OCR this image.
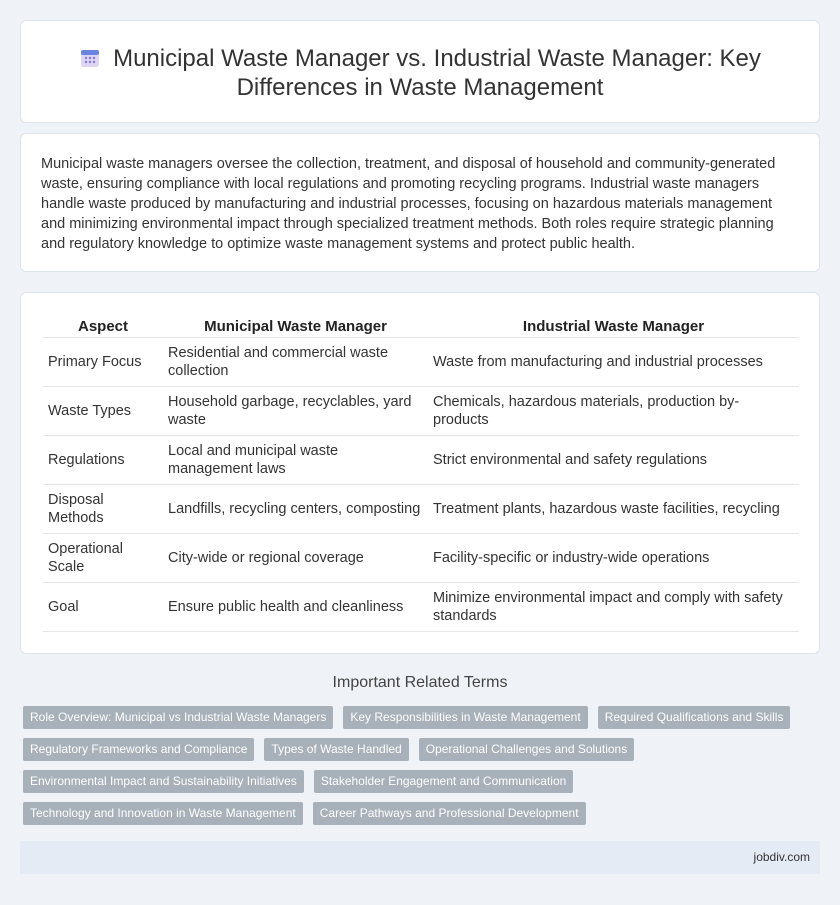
Municipal Waste Manager vs. Industrial Waste Manager: Key Differences in Waste Management

Municipal waste managers oversee the collection, treatment, and disposal of household and community-generated waste, ensuring compliance with local regulations and promoting recycling programs. Industrial waste managers handle waste produced by manufacturing and industrial processes, focusing on hazardous materials management and minimizing environmental impact through specialized treatment methods. Both roles require strategic planning and regulatory knowledge to optimize waste management systems and protect public health.

Aspect	Municipal Waste Manager	Industrial Waste Manager
Primary Focus	Residential and commercial waste collection	Waste from manufacturing and industrial processes
Waste Types	Household garbage, recyclables, yard waste	Chemicals, hazardous materials, production by-products
Regulations	Local and municipal waste management laws	Strict environmental and safety regulations
Disposal Methods	Landfills, recycling centers, composting	Treatment plants, hazardous waste facilities, recycling
Operational Scale	City-wide or regional coverage	Facility-specific or industry-wide operations
Goal	Ensure public health and cleanliness	Minimize environmental impact and comply with safety standards
Important Related Terms
Role Overview: Municipal vs Industrial Waste Managers	Key Responsibilities in Waste Management	Required Qualifications and Skills
Regulatory Frameworks and Compliance	Types of Waste Handled	Operational Challenges and Solutions
Environmental Impact and Sustainability Initiatives	Stakeholder Engagement and Communication
Technology and Innovation in Waste Management	Career Pathways and Professional Development
jobdiv.com
